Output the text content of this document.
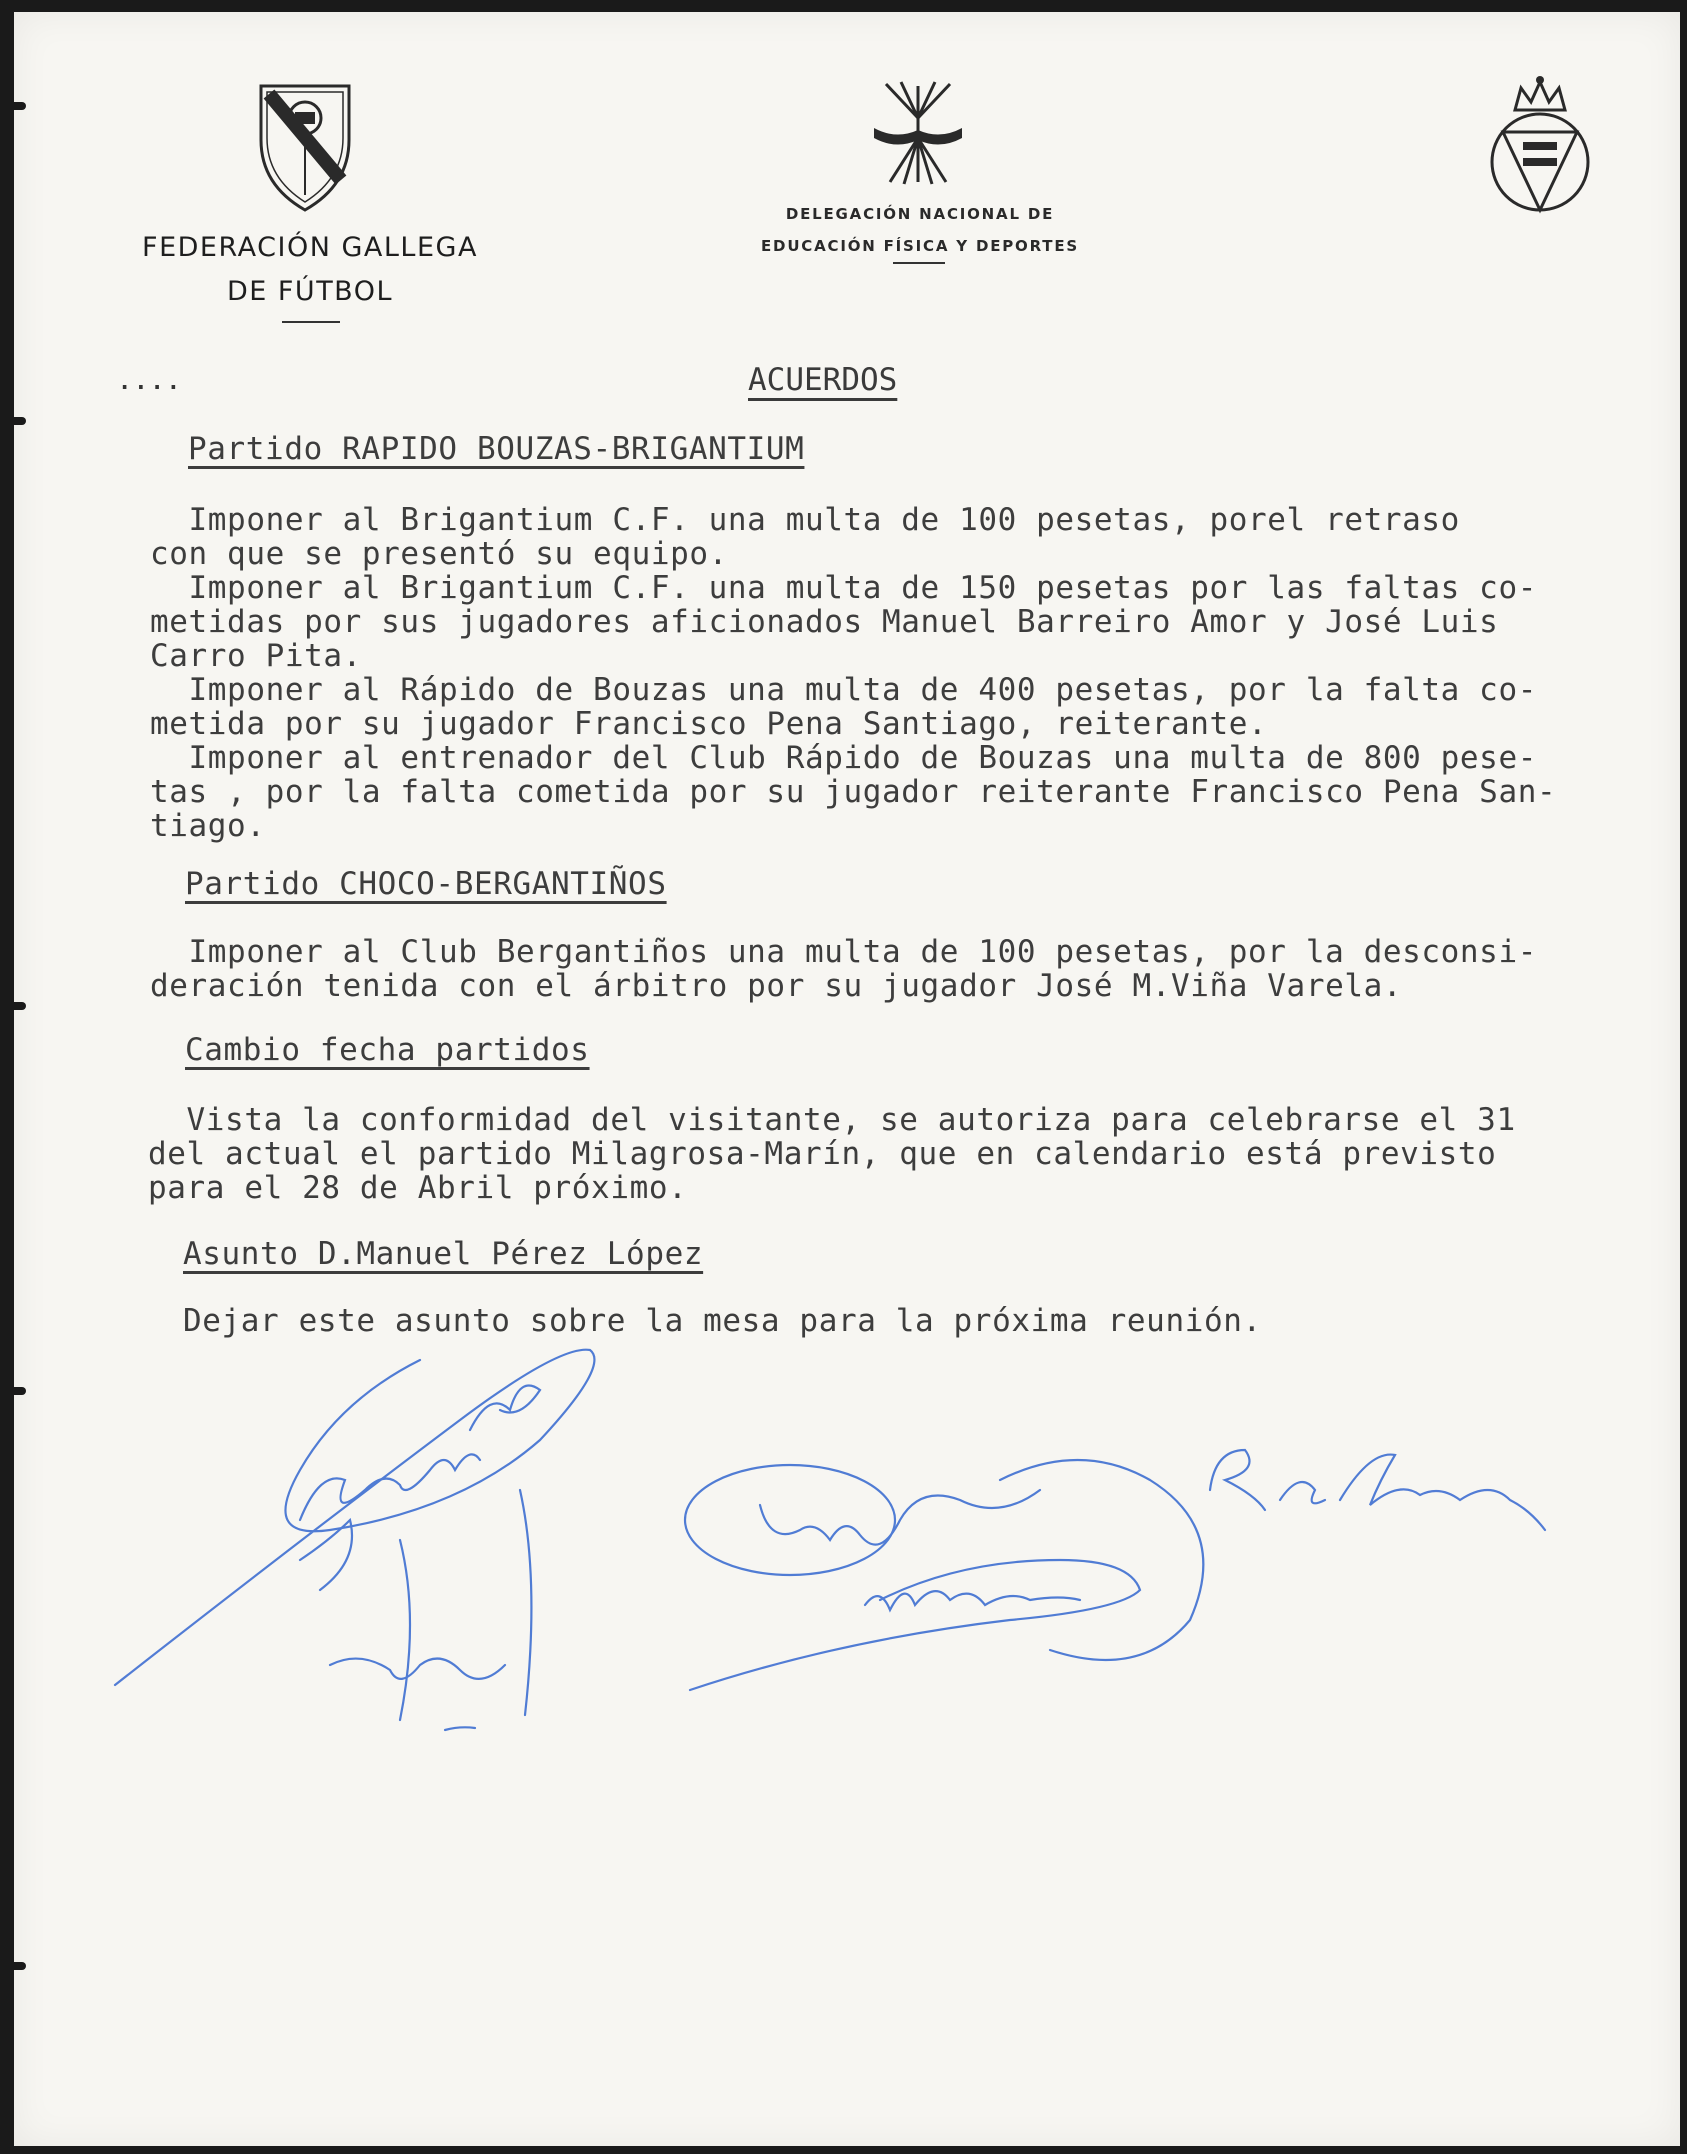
FEDERACIÓN GALLEGA
DE FÚTBOL
DELEGACIÓN NACIONAL DE
EDUCACIÓN FÍSICA Y DEPORTES
....	ACUERDOS
Partido RAPIDO BOUZAS-BRIGANTIUM
Imponer al Brigantium C.F. una multa de 100 pesetas, porel retraso
con que se presentó su equipo.
Imponer al Brigantium C.F. una multa de 150 pesetas por las faltas co-
metidas por sus jugadores aficionados Manuel Barreiro Amor y José Luis
Carro Pita.
Imponer al Rápido de Bouzas una multa de 400 pesetas, por la falta co-
metida por su jugador Francisco Pena Santiago, reiterante.
Imponer al entrenador del Club Rápido de Bouzas una multa de 800 pese-
tas , por la falta cometida por su jugador reiterante Francisco Pena San-
tiago.
Partido CHOCO-BERGANTIÑOS
Imponer al Club Bergantiños una multa de 100 pesetas, por la desconsi-
deración tenida con el árbitro por su jugador José M.Viña Varela.
Cambio fecha partidos
Vista la conformidad del visitante, se autoriza para celebrarse el 31
del actual el partido Milagrosa-Marín, que en calendario está previsto
para el 28 de Abril próximo.
Asunto D.Manuel Pérez López
Dejar este asunto sobre la mesa para la próxima reunión.
